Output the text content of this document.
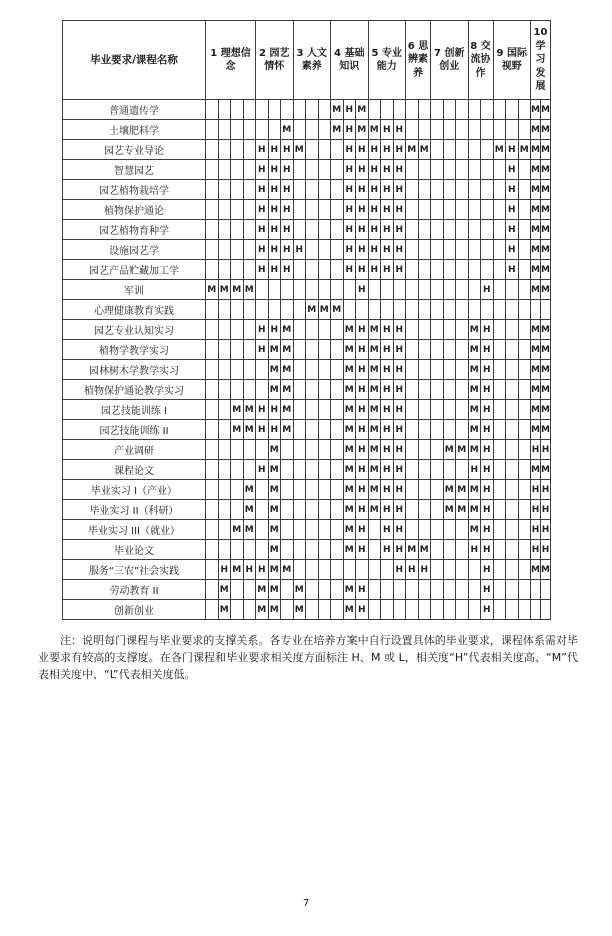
毕业要求/课程名称	1 理想信念				2 园艺情怀			3 人文素养			4 基础知识			5 专业能力			6 思辨素养		7 创新创业			8 交流协作		9 国际视野			10 学习发展	
普通遗传学											M	H	M														M	M
土壤肥料学							M				M	H	M	M	H	H											M	M
园艺专业导论					H	H	H	M				H	H	H	H	H	M	M						M	H	M	M	M
智慧园艺					H	H	H					H	H	H	H	H									H		M	M
园艺植物栽培学					H	H	H					H	H	H	H	H									H		M	M
植物保护通论					H	H	H					H	H	H	H	H									H		M	M
园艺植物育种学					H	H	H					H	H	H	H	H									H		M	M
设施园艺学					H	H	H	H				H	H	H	H	H									H		M	M
园艺产品贮藏加工学					H	H	H					H	H	H	H	H									H		M	M
军训	M	M	M	M									H										H				M	M
心理健康教育实践									M	M	M																	
园艺专业认知实习					H	H	M					M	H	M	H	H						M	H				M	M
植物学教学实习					H	M	M					M	H	M	H	H						M	H				M	M
园林树木学教学实习						M	M					M	H	M	H	H						M	H				M	M
植物保护通论教学实习						M	M					M	H	M	H	H						M	H				M	M
园艺技能训练 I			M	M	H	H	M					M	H	M	H	H						M	H				M	M
园艺技能训练 II			M	M	H	H	M					M	H	M	H	H						M	H				M	M
产业调研						M						M	H	M	H	H				M	M	M	H				H	H
课程论文					H	M						M	H	M	H	H						H	H				M	M
毕业实习 I（产业）				M		M						M	H	M	H	H				M	M	M	H				H	H
毕业实习 II（科研）				M		M						M	H	M	H	H				M	M	M	H				H	H
毕业实习 III（就业）			M	M		M						M	H		H	H						M	H				H	H
毕业论文						M						M	H		H	H	M	M				H	H				H	H
服务“三农”社会实践		H	M	H	H	M	M									H	H	H					H				M	M
劳动教育 II		M			M	M		M				M	H										H					
创新创业		M			M	M		M				M	H										H					

注：说明每门课程与毕业要求的支撑关系。各专业在培养方案中自行设置具体的毕业要求，课程体系需对毕业要求有较高的支撑度。在各门课程和毕业要求相关度方面标注 H、M 或 L，相关度“H”代表相关度高、“M”代表相关度中、“L”代表相关度低。

7
